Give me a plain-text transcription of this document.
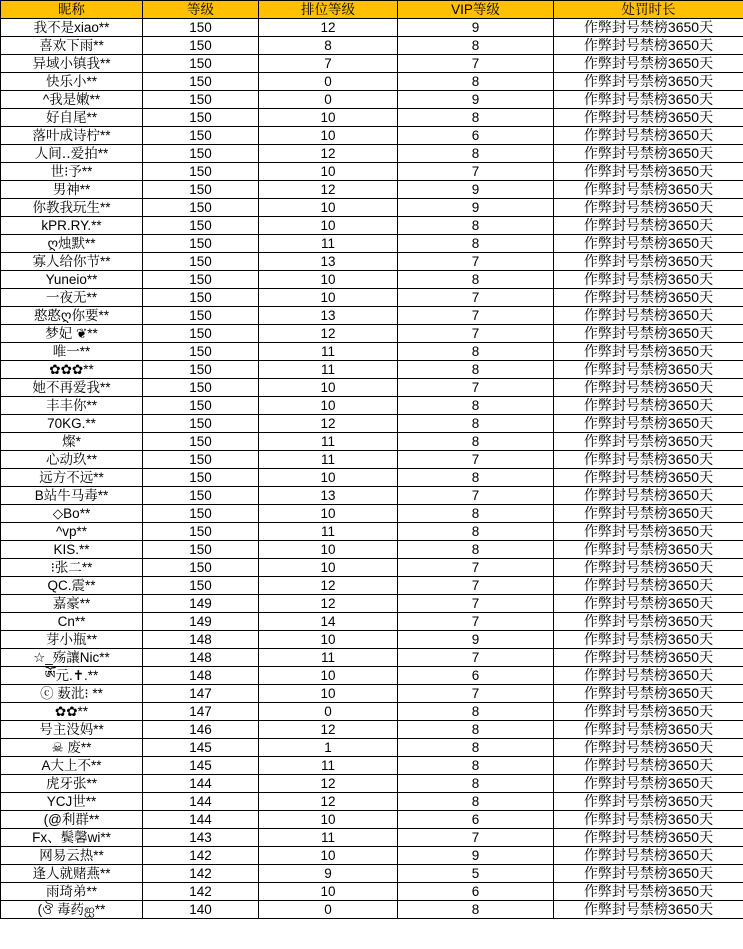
昵称	等级	排位等级	VIP等级	处罚时长
我不是xiao**	150	12	9	作弊封号禁榜3650天
喜欢下雨**	150	8	8	作弊封号禁榜3650天
异域小镇我**	150	7	7	作弊封号禁榜3650天
快乐小**	150	0	8	作弊封号禁榜3650天
^我是嫩**	150	0	9	作弊封号禁榜3650天
好自尾**	150	10	8	作弊封号禁榜3650天
落叶成诗柠**	150	10	6	作弊封号禁榜3650天
人间‥爱拍**	150	12	8	作弊封号禁榜3650天
世⁝予**	150	10	7	作弊封号禁榜3650天
男神**	150	12	9	作弊封号禁榜3650天
你教我玩生**	150	10	9	作弊封号禁榜3650天
kPR.RY.**	150	10	8	作弊封号禁榜3650天
ღ烛默**	150	11	8	作弊封号禁榜3650天
寡人给你节**	150	13	7	作弊封号禁榜3650天
Yuneio**	150	10	8	作弊封号禁榜3650天
一夜无**	150	10	7	作弊封号禁榜3650天
憨憨ღ你要**	150	13	7	作弊封号禁榜3650天
梦妃 ❦**	150	12	7	作弊封号禁榜3650天
唯一**	150	11	8	作弊封号禁榜3650天
✿✿✿**	150	11	8	作弊封号禁榜3650天
她不再爱我**	150	10	7	作弊封号禁榜3650天
丰丰你**	150	10	8	作弊封号禁榜3650天
70KG.**	150	12	8	作弊封号禁榜3650天
燦*	150	11	8	作弊封号禁榜3650天
心动玖**	150	11	7	作弊封号禁榜3650天
远方不远**	150	10	8	作弊封号禁榜3650天
B站牛马毒**	150	13	7	作弊封号禁榜3650天
◇Bo**	150	10	8	作弊封号禁榜3650天
^vp**	150	11	8	作弊封号禁榜3650天
KIS.**	150	10	8	作弊封号禁榜3650天
⁝张二**	150	10	7	作弊封号禁榜3650天
QC.震**	150	12	7	作弊封号禁榜3650天
嘉豪**	149	12	7	作弊封号禁榜3650天
Cn**	149	14	7	作弊封号禁榜3650天
芽小瓶**	148	10	9	作弊封号禁榜3650天
☆_殇讓Nic**	148	11	7	作弊封号禁榜3650天
ༀ元.✝.**	148	10	6	作弊封号禁榜3650天
ⓒ 薮沘⁝ **	147	10	7	作弊封号禁榜3650天
✿✿**	147	0	8	作弊封号禁榜3650天
号主没妈**	146	12	8	作弊封号禁榜3650天
☠ 废**	145	1	8	作弊封号禁榜3650天
A大上不**	145	11	8	作弊封号禁榜3650天
虎牙张**	144	12	8	作弊封号禁榜3650天
YCJ世**	144	12	8	作弊封号禁榜3650天
(@利群**	144	10	6	作弊封号禁榜3650天
Fx、鬓馨wi**	143	11	7	作弊封号禁榜3650天
网易云热**	142	10	9	作弊封号禁榜3650天
逢人就赌燕**	142	9	5	作弊封号禁榜3650天
雨琦弟**	142	10	6	作弊封号禁榜3650天
(ঔ 毒药ஐ**	140	0	8	作弊封号禁榜3650天
